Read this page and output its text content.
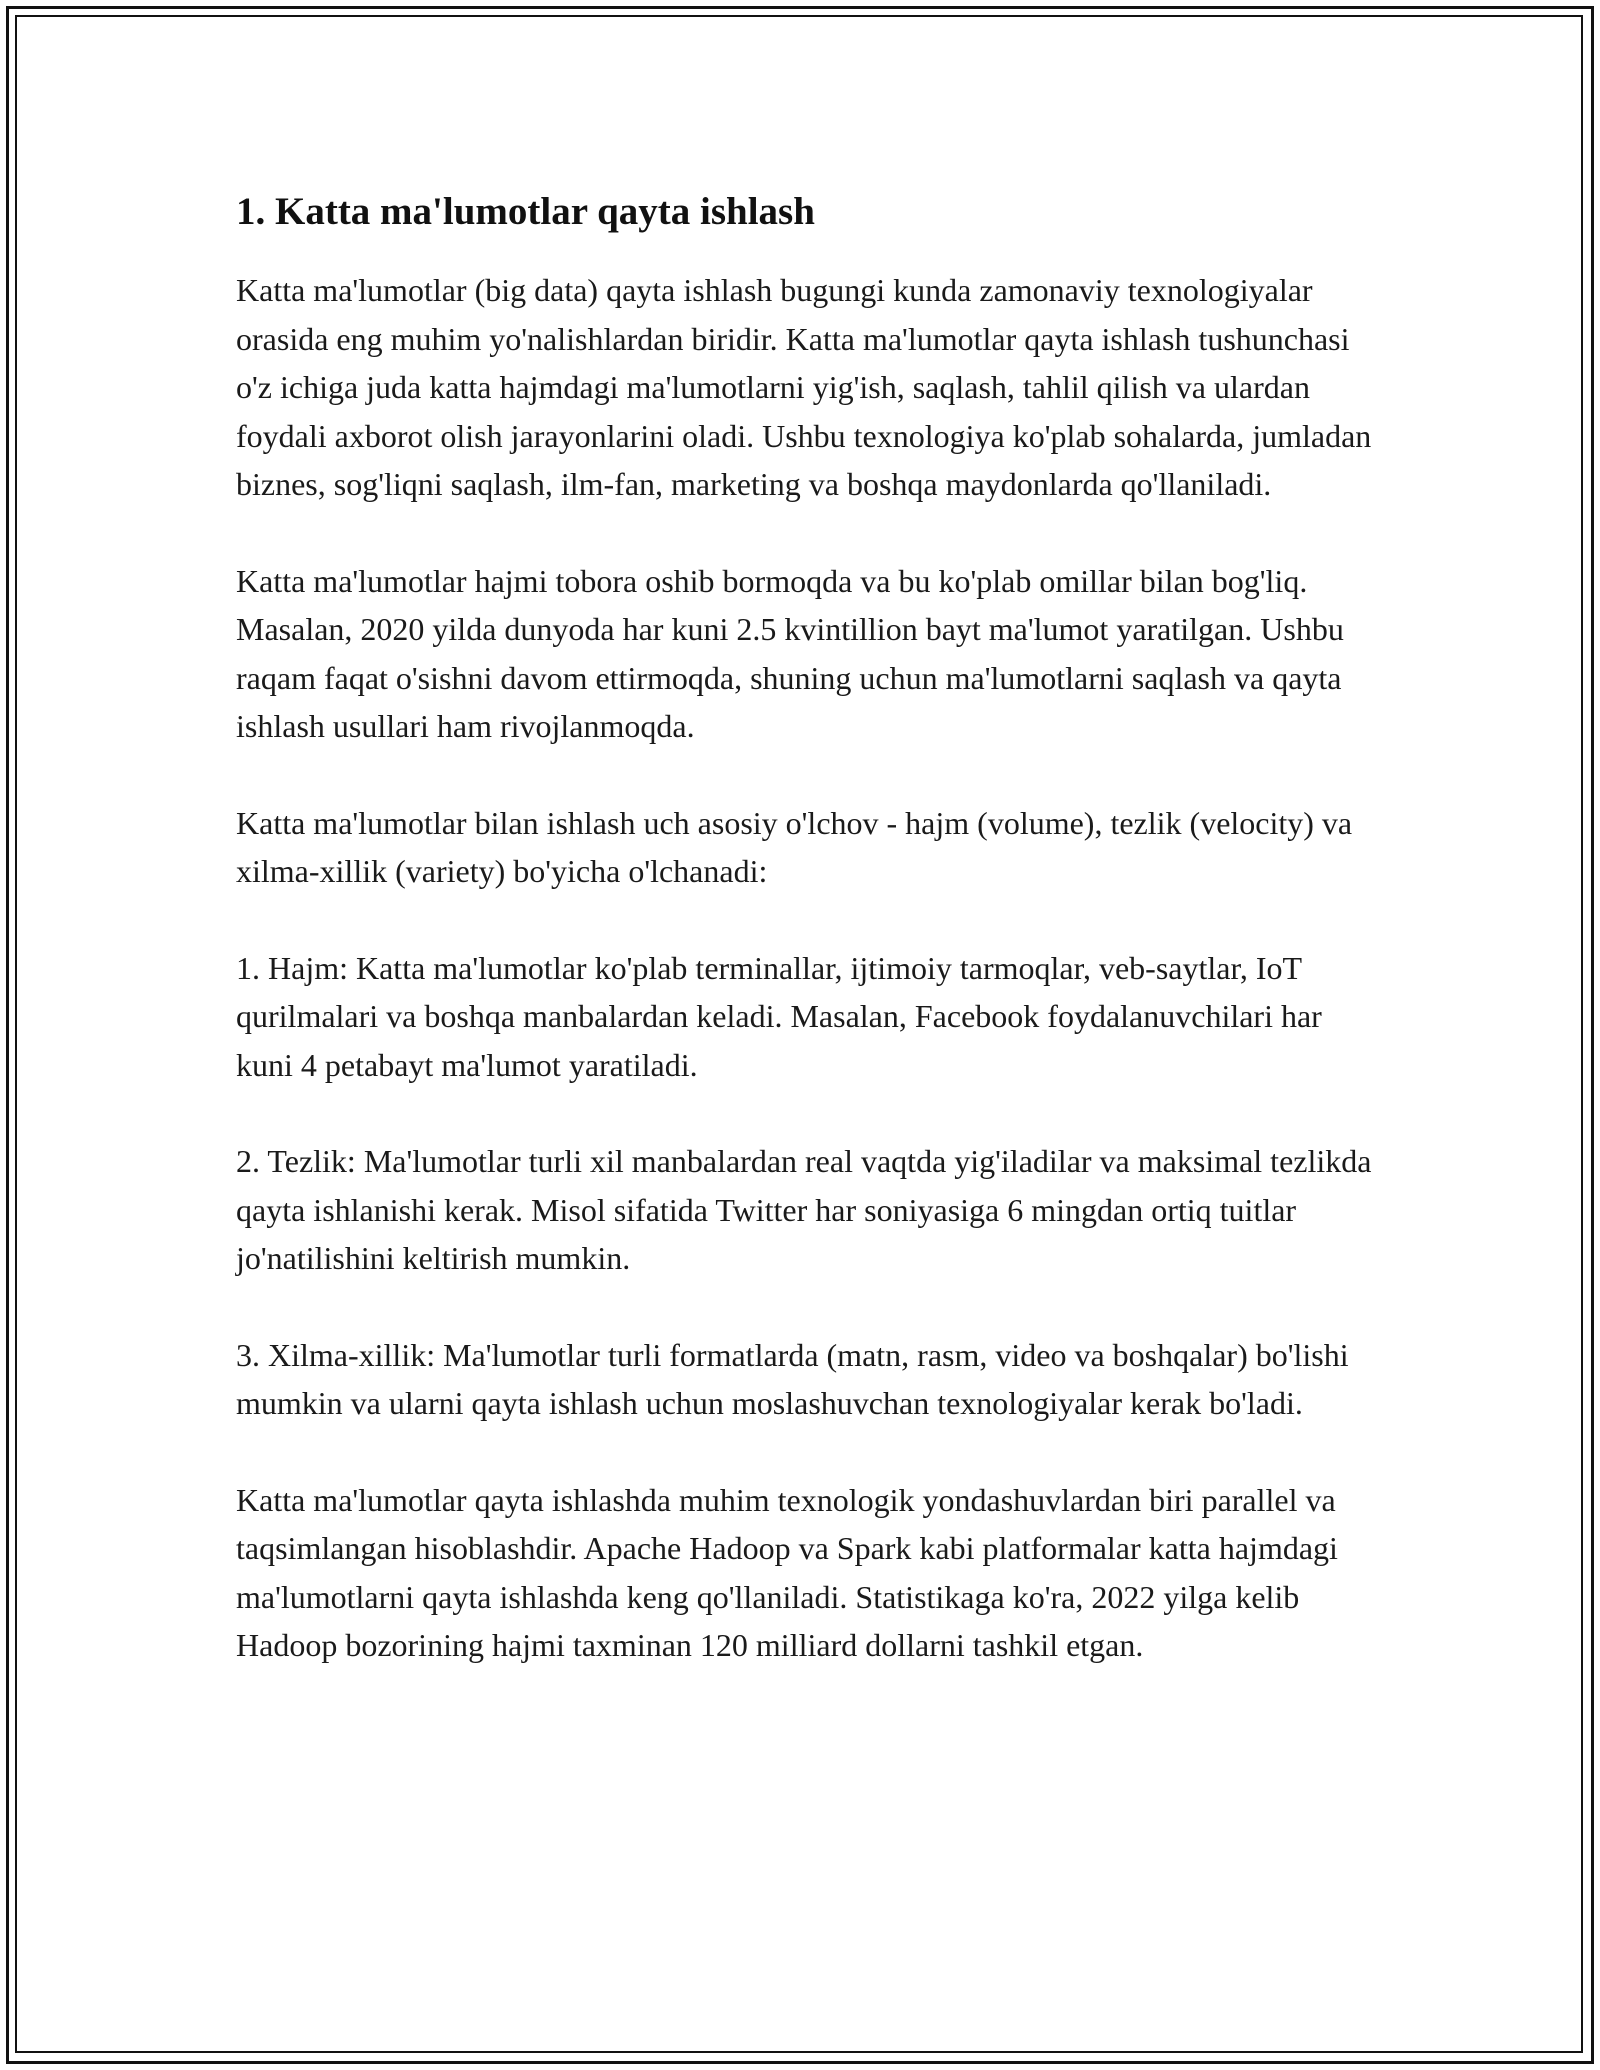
1. Katta ma'lumotlar qayta ishlash

Katta ma'lumotlar (big data) qayta ishlash bugungi kunda zamonaviy texnologiyalar orasida eng muhim yo'nalishlardan biridir. Katta ma'lumotlar qayta ishlash tushunchasi o'z ichiga juda katta hajmdagi ma'lumotlarni yig'ish, saqlash, tahlil qilish va ulardan foydali axborot olish jarayonlarini oladi. Ushbu texnologiya ko'plab sohalarda, jumladan biznes, sog'liqni saqlash, ilm-fan, marketing va boshqa maydonlarda qo'llaniladi.

Katta ma'lumotlar hajmi tobora oshib bormoqda va bu ko'plab omillar bilan bog'liq. Masalan, 2020 yilda dunyoda har kuni 2.5 kvintillion bayt ma'lumot yaratilgan. Ushbu raqam faqat o'sishni davom ettirmoqda, shuning uchun ma'lumotlarni saqlash va qayta ishlash usullari ham rivojlanmoqda.

Katta ma'lumotlar bilan ishlash uch asosiy o'lchov - hajm (volume), tezlik (velocity) va xilma-xillik (variety) bo'yicha o'lchanadi:

1. Hajm: Katta ma'lumotlar ko'plab terminallar, ijtimoiy tarmoqlar, veb-saytlar, IoT qurilmalari va boshqa manbalardan keladi. Masalan, Facebook foydalanuvchilari har kuni 4 petabayt ma'lumot yaratiladi.

2. Tezlik: Ma'lumotlar turli xil manbalardan real vaqtda yig'iladilar va maksimal tezlikda qayta ishlanishi kerak. Misol sifatida Twitter har soniyasiga 6 mingdan ortiq tuitlar jo'natilishini keltirish mumkin.

3. Xilma-xillik: Ma'lumotlar turli formatlarda (matn, rasm, video va boshqalar) bo'lishi mumkin va ularni qayta ishlash uchun moslashuvchan texnologiyalar kerak bo'ladi.

Katta ma'lumotlar qayta ishlashda muhim texnologik yondashuvlardan biri parallel va taqsimlangan hisoblashdir. Apache Hadoop va Spark kabi platformalar katta hajmdagi ma'lumotlarni qayta ishlashda keng qo'llaniladi. Statistikaga ko'ra, 2022 yilga kelib Hadoop bozorining hajmi taxminan 120 milliard dollarni tashkil etgan.
